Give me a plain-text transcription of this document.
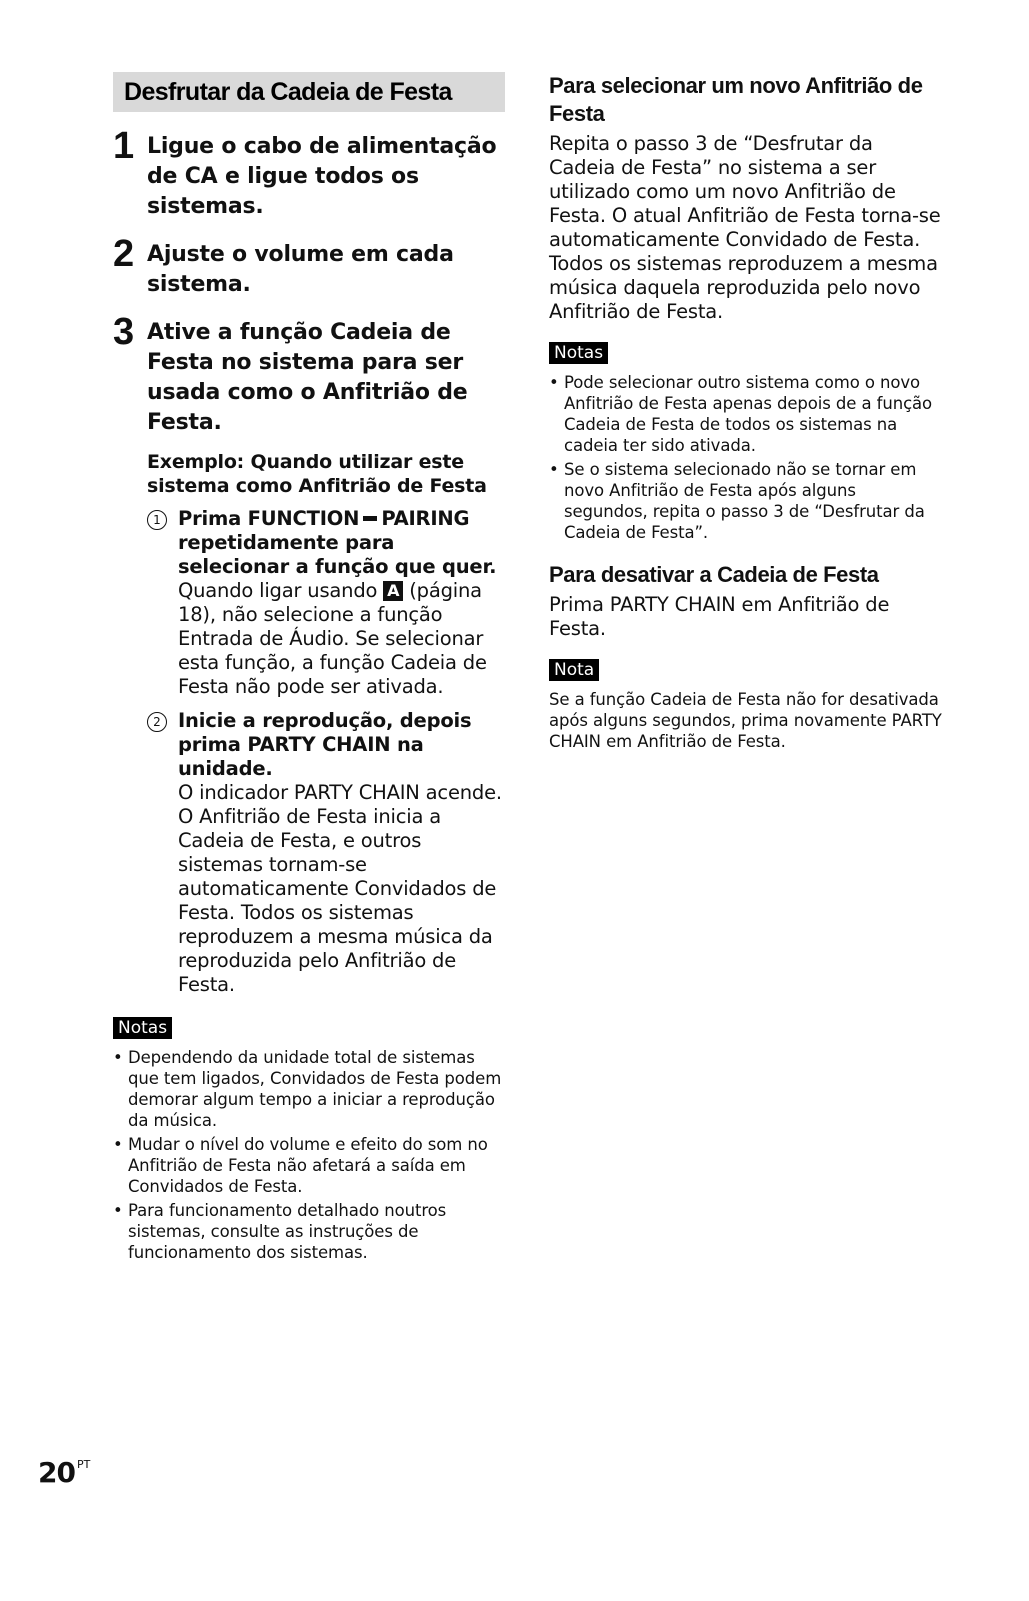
Desfrutar da Cadeia de Festa
1 Ligue o cabo de alimentação de CA e ligue todos os sistemas.
2 Ajuste o volume em cada sistema.
3 Ative a função Cadeia de Festa no sistema para ser usada como o Anfitrião de Festa.
Exemplo: Quando utilizar este sistema como Anfitrião de Festa
1 Prima FUNCTION PAIRING repetidamente para selecionar a função que quer.
Quando ligar usando A (página 18), não selecione a função Entrada de Áudio. Se selecionar esta função, a função Cadeia de Festa não pode ser ativada.
2 Inicie a reprodução, depois prima PARTY CHAIN na unidade.
O indicador PARTY CHAIN acende. O Anfitrião de Festa inicia a Cadeia de Festa, e outros sistemas tornam-se automaticamente Convidados de Festa. Todos os sistemas reproduzem a mesma música da reproduzida pelo Anfitrião de Festa.
Notas
• Dependendo da unidade total de sistemas que tem ligados, Convidados de Festa podem demorar algum tempo a iniciar a reprodução da música.
• Mudar o nível do volume e efeito do som no Anfitrião de Festa não afetará a saída em Convidados de Festa.
• Para funcionamento detalhado noutros sistemas, consulte as instruções de funcionamento dos sistemas.
Para selecionar um novo Anfitrião de Festa
Repita o passo 3 de “Desfrutar da Cadeia de Festa” no sistema a ser utilizado como um novo Anfitrião de Festa. O atual Anfitrião de Festa torna-se automaticamente Convidado de Festa. Todos os sistemas reproduzem a mesma música daquela reproduzida pelo novo Anfitrião de Festa.
Notas
• Pode selecionar outro sistema como o novo Anfitrião de Festa apenas depois de a função Cadeia de Festa de todos os sistemas na cadeia ter sido ativada.
• Se o sistema selecionado não se tornar em novo Anfitrião de Festa após alguns segundos, repita o passo 3 de “Desfrutar da Cadeia de Festa”.
Para desativar a Cadeia de Festa
Prima PARTY CHAIN em Anfitrião de Festa.
Nota
Se a função Cadeia de Festa não for desativada após alguns segundos, prima novamente PARTY CHAIN em Anfitrião de Festa.
20 $^{PT}$
